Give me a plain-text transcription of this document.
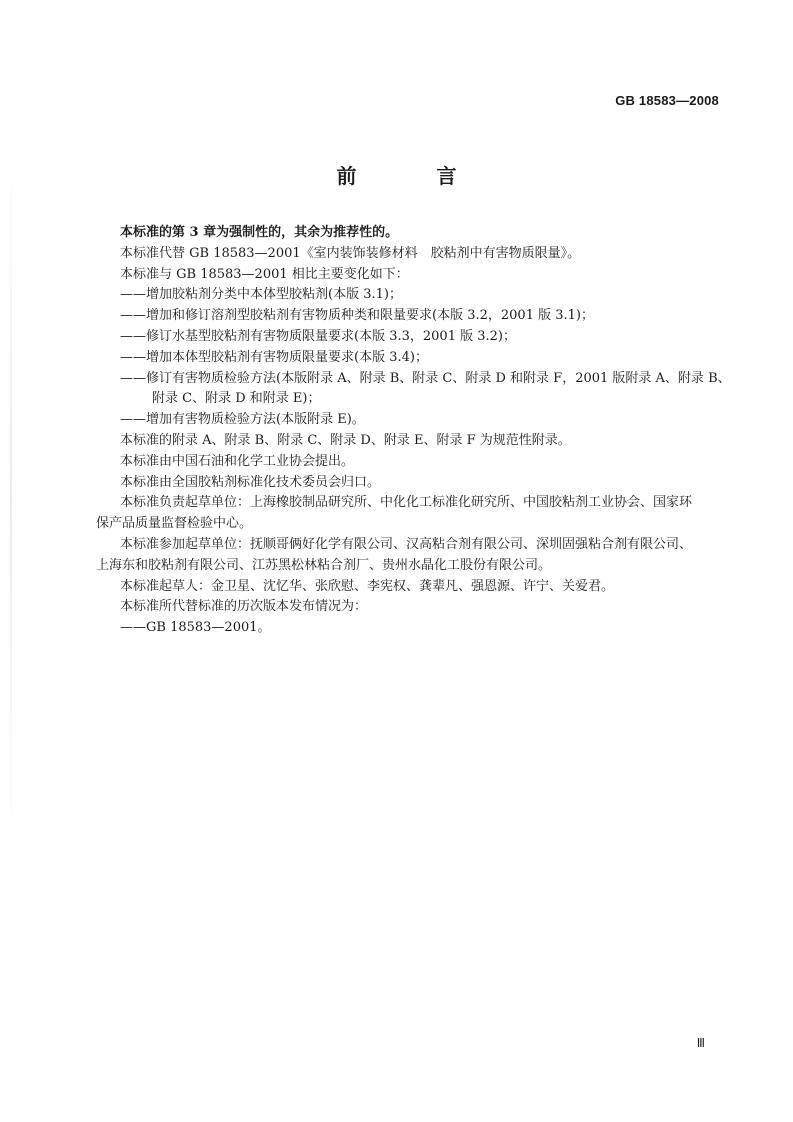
GB 18583—2008
前　言
本标准的第 3 章为强制性的，其余为推荐性的。
本标准代替 GB 18583—2001《室内装饰装修材料　胶粘剂中有害物质限量》。
本标准与 GB 18583—2001 相比主要变化如下：
——增加胶粘剂分类中本体型胶粘剂(本版 3.1)；
——增加和修订溶剂型胶粘剂有害物质种类和限量要求(本版 3.2，2001 版 3.1)；
——修订水基型胶粘剂有害物质限量要求(本版 3.3，2001 版 3.2)；
——增加本体型胶粘剂有害物质限量要求(本版 3.4)；
——修订有害物质检验方法(本版附录 A、附录 B、附录 C、附录 D 和附录 F，2001 版附录 A、附录 B、
附录 C、附录 D 和附录 E)；
——增加有害物质检验方法(本版附录 E)。
本标准的附录 A、附录 B、附录 C、附录 D、附录 E、附录 F 为规范性附录。
本标准由中国石油和化学工业协会提出。
本标准由全国胶粘剂标准化技术委员会归口。
本标准负责起草单位：上海橡胶制品研究所、中化化工标准化研究所、中国胶粘剂工业协会、国家环
保产品质量监督检验中心。
本标准参加起草单位：抚顺哥俩好化学有限公司、汉高粘合剂有限公司、深圳固强粘合剂有限公司、
上海东和胶粘剂有限公司、江苏黑松林粘合剂厂、贵州水晶化工股份有限公司。
本标准起草人：金卫星、沈忆华、张欣慰、李宪权、龚辈凡、强恩源、许宁、关爱君。
本标准所代替标准的历次版本发布情况为：
——GB 18583—2001。
Ⅲ
